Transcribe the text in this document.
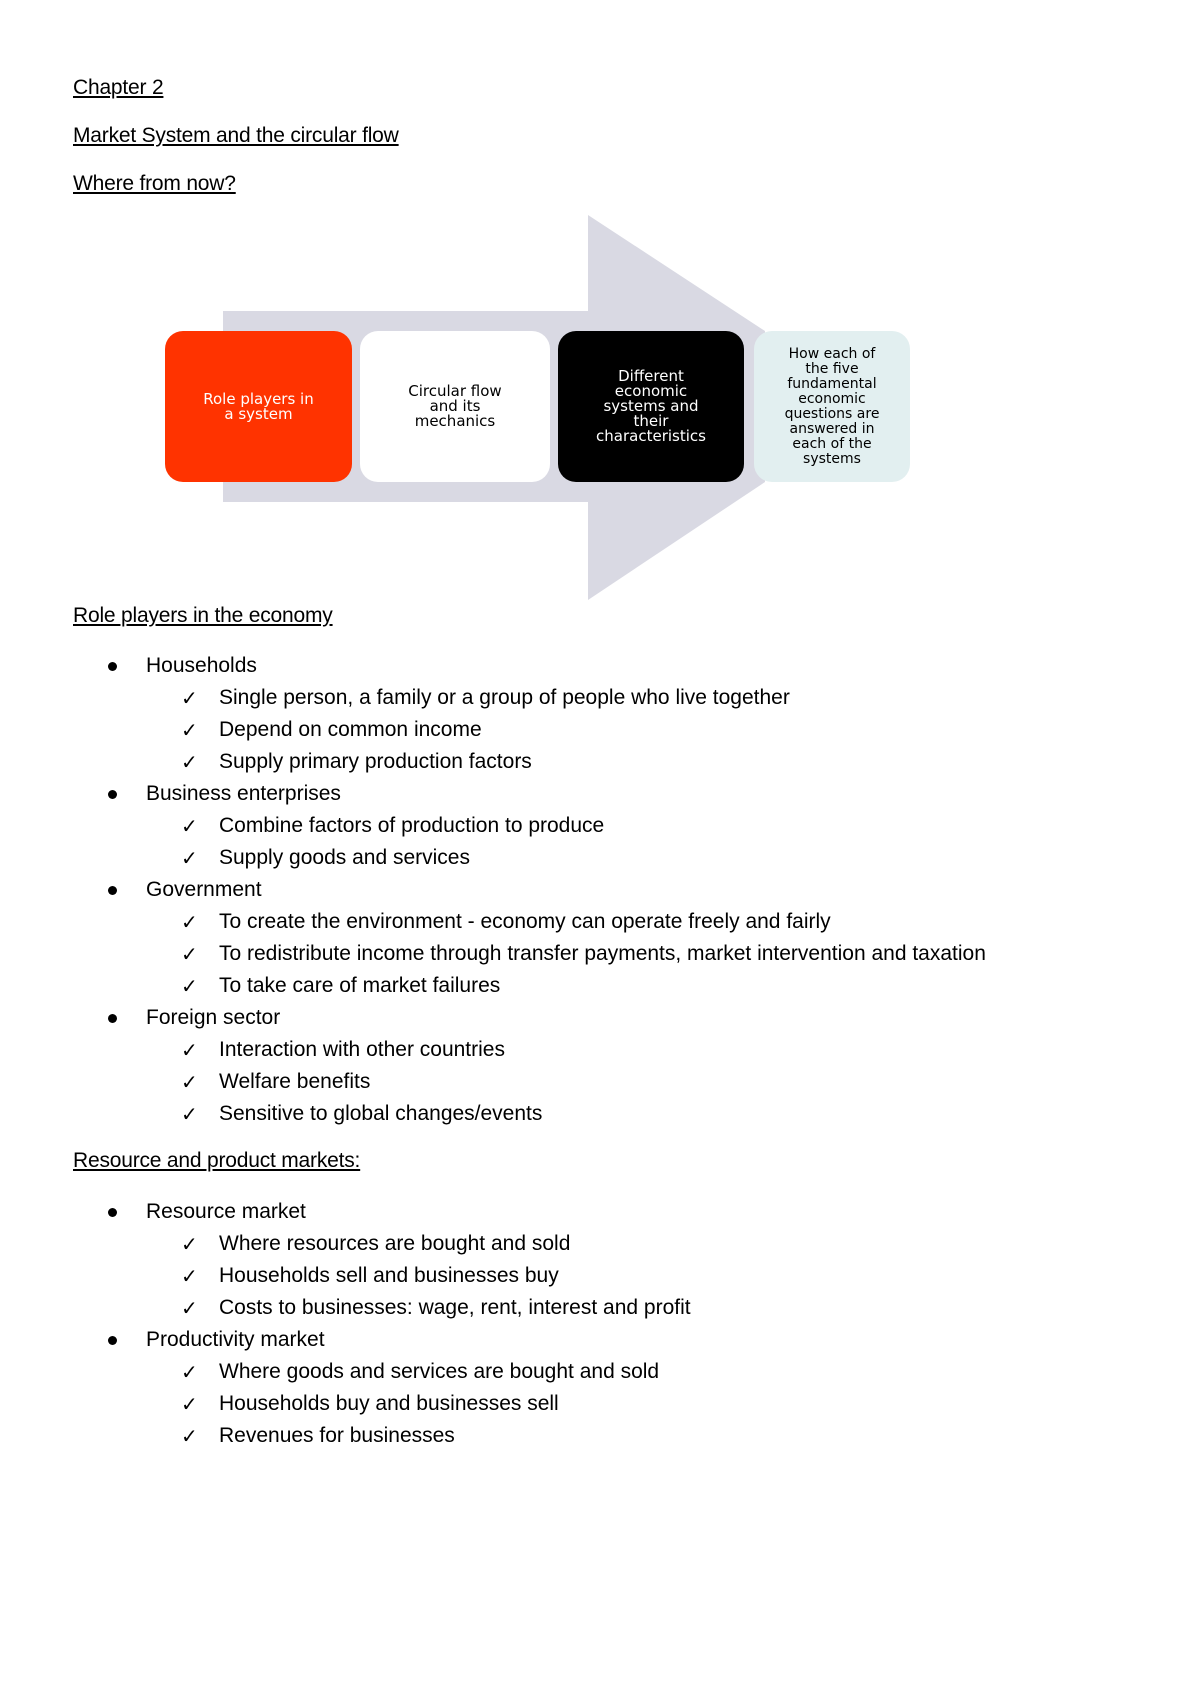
Chapter 2
Market System and the circular flow
Where from now?
Role players in
a system
Circular flow
and its
mechanics
Different
economic
systems and
their
characteristics
How each of
the five
fundamental
economic
questions are
answered in
each of the
systems
Role players in the economy
Households
✓ Single person, a family or a group of people who live together
✓ Depend on common income
✓ Supply primary production factors
Business enterprises
✓ Combine factors of production to produce
✓ Supply goods and services
Government
✓ To create the environment - economy can operate freely and fairly
✓ To redistribute income through transfer payments, market intervention and taxation
✓ To take care of market failures
Foreign sector
✓ Interaction with other countries
✓ Welfare benefits
✓ Sensitive to global changes/events
Resource and product markets:
Resource market
✓ Where resources are bought and sold
✓ Households sell and businesses buy
✓ Costs to businesses: wage, rent, interest and profit
Productivity market
✓ Where goods and services are bought and sold
✓ Households buy and businesses sell
✓ Revenues for businesses
